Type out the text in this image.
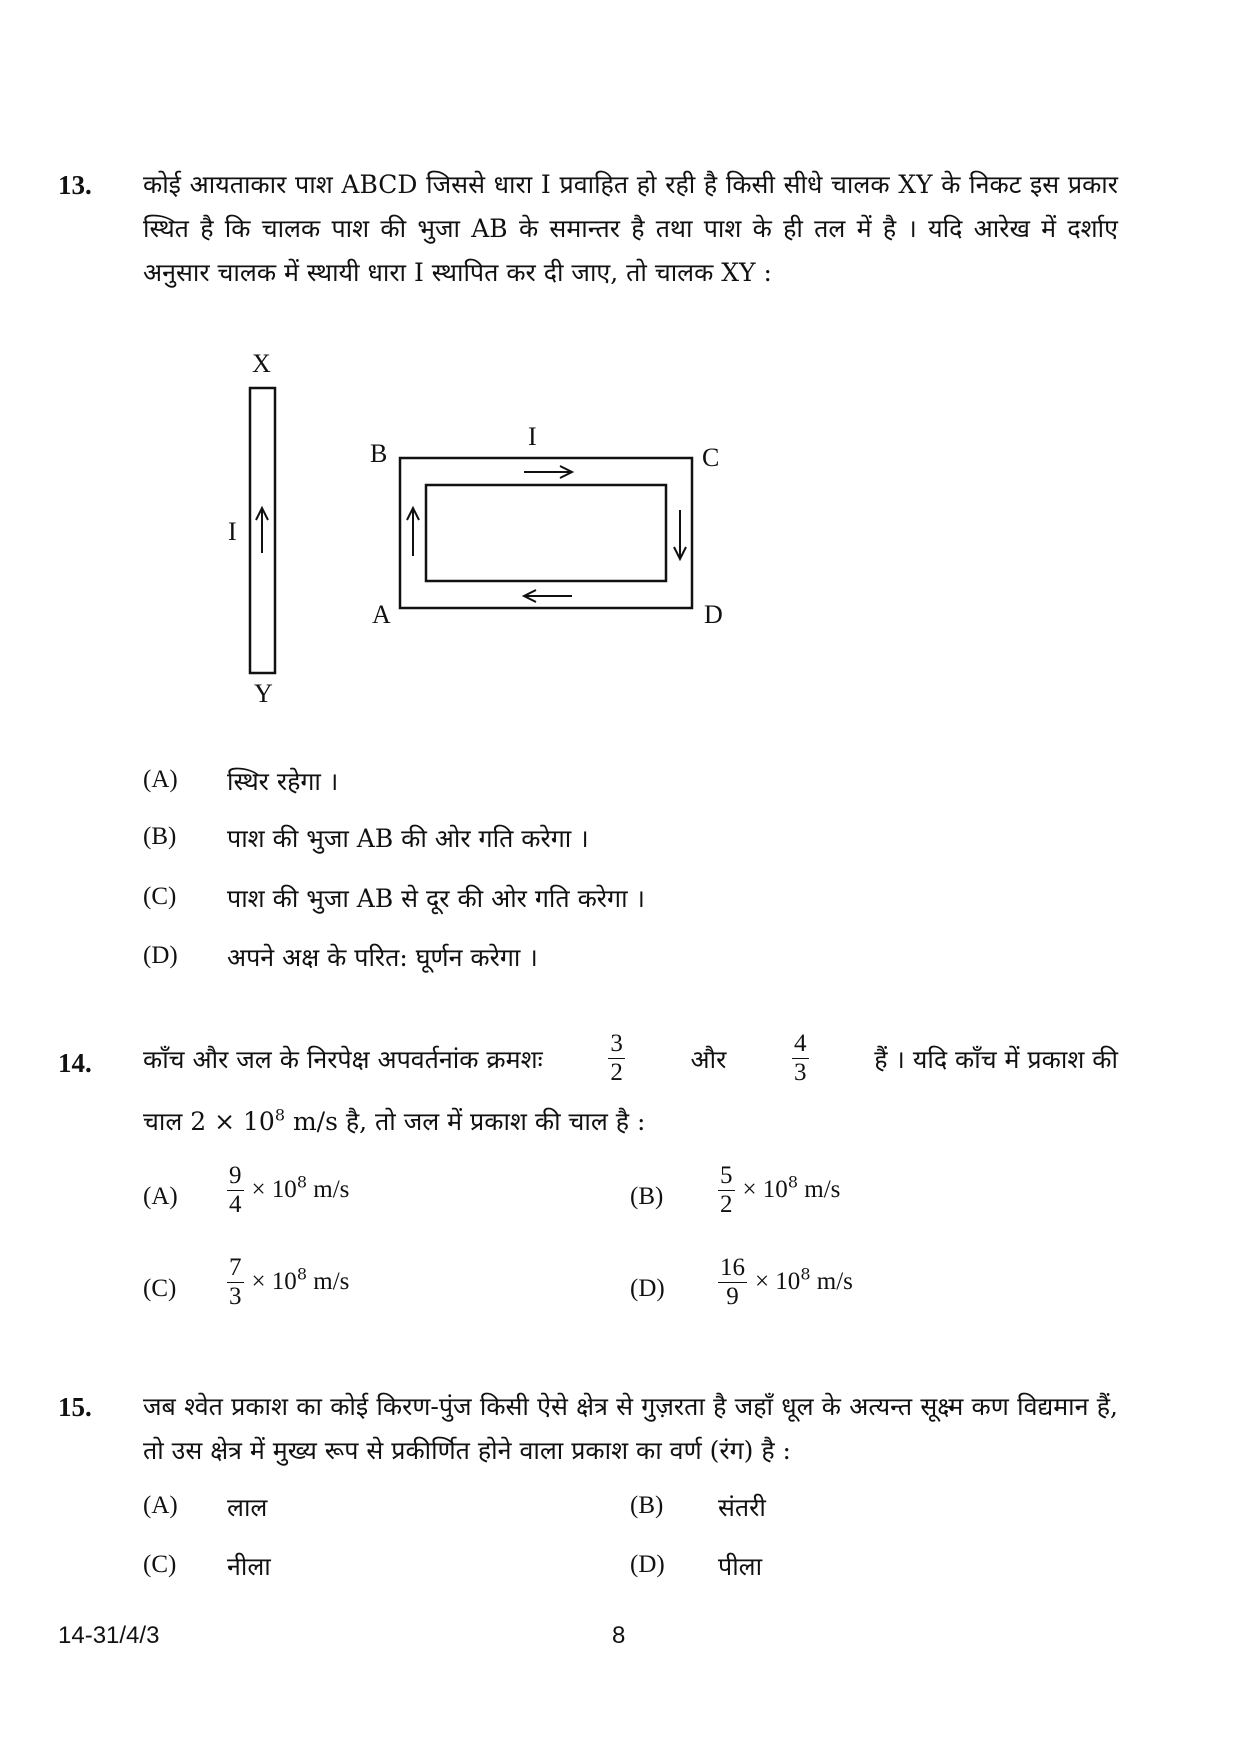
13. कोई आयताकार पाश ABCD जिससे धारा I प्रवाहित हो रही है किसी सीधे चालक XY के निकट इस प्रकार स्थित है कि चालक पाश की भुजा AB के समान्तर है तथा पाश के ही तल में है । यदि आरेख में दर्शाए अनुसार चालक में स्थायी धारा I स्थापित कर दी जाए, तो चालक XY :
X
Y
I
B	C
A	D
I
(A) स्थिर रहेगा ।
(B) पाश की भुजा AB की ओर गति करेगा ।
(C) पाश की भुजा AB से दूर की ओर गति करेगा ।
(D) अपने अक्ष के परित: घूर्णन करेगा ।
14. काँच और जल के निरपेक्ष अपवर्तनांक क्रमशः	$\frac{3}{2}$	और	$\frac{4}{3}$	हैं । यदि काँच में प्रकाश की
चाल $2 \times 10^8$ m/s है, तो जल में प्रकाश की चाल है :
$(A) \frac{9}{4} \times 10^8$ m/s	$(B) \frac{5}{2} \times 10^8$ m/s
$(C) \frac{7}{3} \times 10^8$ m/s	$(D) \frac{16}{9} \times 10^8$ m/s
15. जब श्वेत प्रकाश का कोई किरण-पुंज किसी ऐसे क्षेत्र से गुज़रता है जहाँ धूल के अत्यन्त सूक्ष्म कण विद्यमान हैं, तो उस क्षेत्र में मुख्य रूप से प्रकीर्णित होने वाला प्रकाश का वर्ण (रंग) है :
(A) लाल	(B) संतरी
(C) नीला	(D) पीला
14-31/4/3	8
